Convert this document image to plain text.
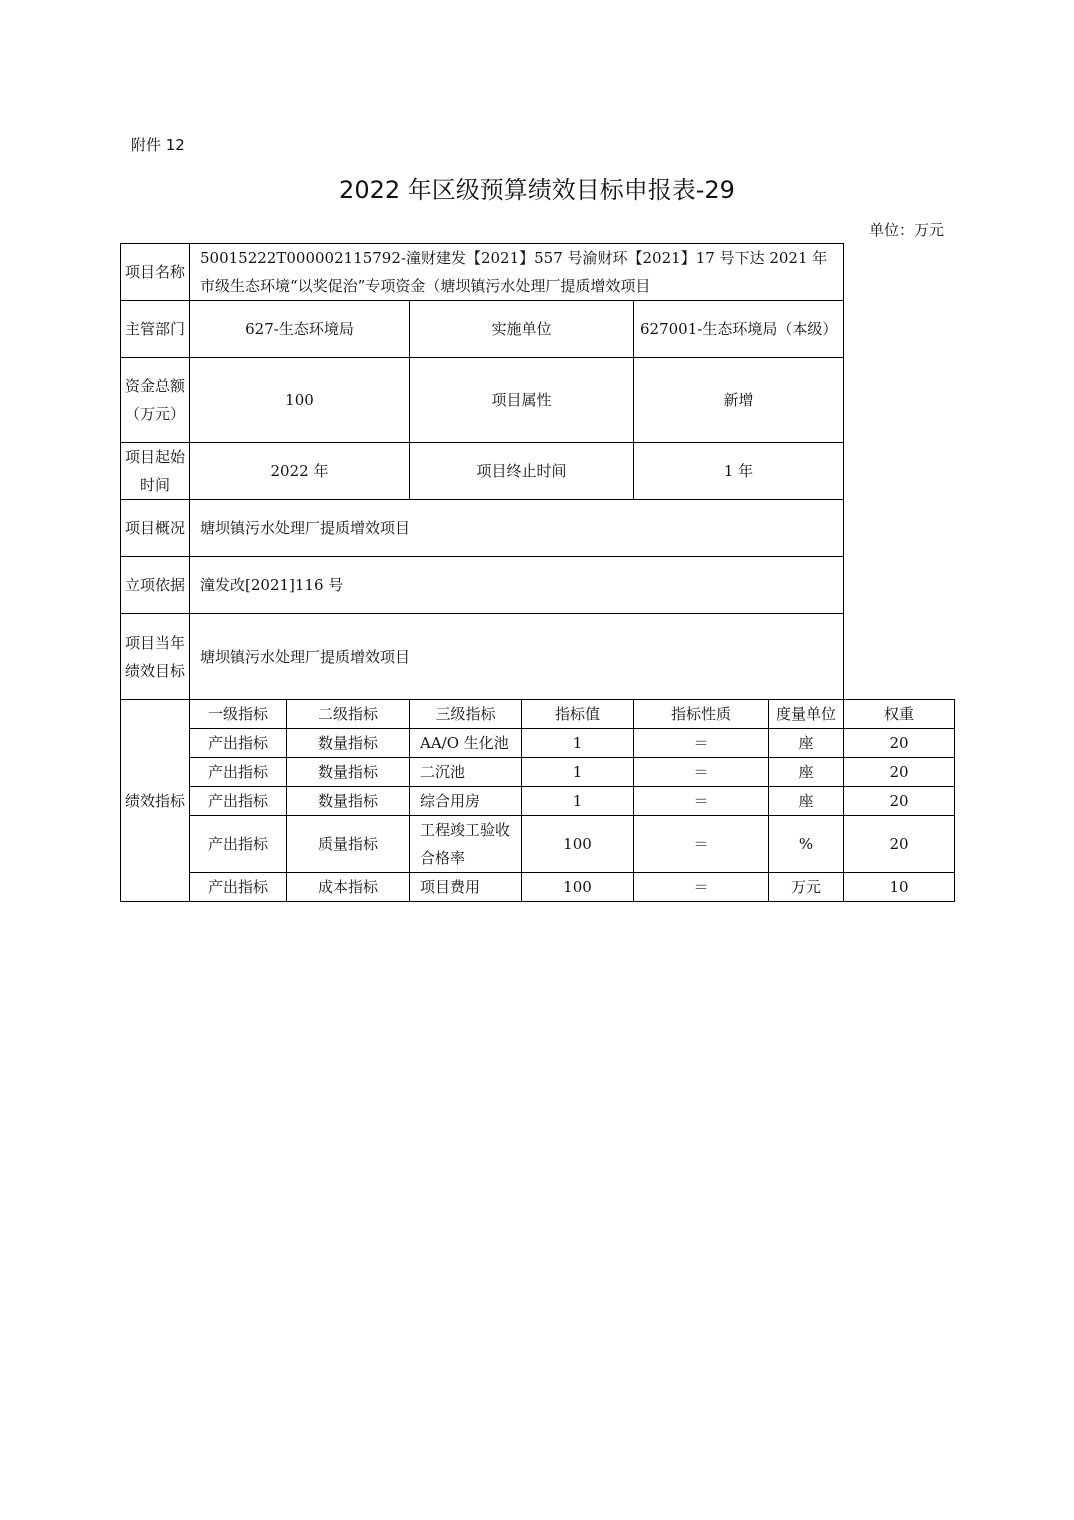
附件 12
2022 年区级预算绩效目标申报表-29
单位：万元
项目名称	50015222T000002115792-潼财建发【2021】557 号渝财环【2021】17 号下达 2021 年市级生态环境“以奖促治”专项资金（塘坝镇污水处理厂提质增效项目						
主管部门	627-生态环境局		实施单位		627001-生态环境局（本级）		
资金总额（万元）	100		项目属性		新增		
项目起始时间	2022 年		项目终止时间		1 年		
项目概况	塘坝镇污水处理厂提质增效项目						
立项依据	潼发改[2021]116 号						
项目当年绩效目标	塘坝镇污水处理厂提质增效项目						
绩效指标	一级指标	二级指标	三级指标	指标值	指标性质	度量单位	权重
	产出指标	数量指标	AA/O 生化池	1	＝	座	20
	产出指标	数量指标	二沉池	1	＝	座	20
	产出指标	数量指标	综合用房	1	＝	座	20
	产出指标	质量指标	工程竣工验收合格率	100	＝	%	20
	产出指标	成本指标	项目费用	100	＝	万元	10
